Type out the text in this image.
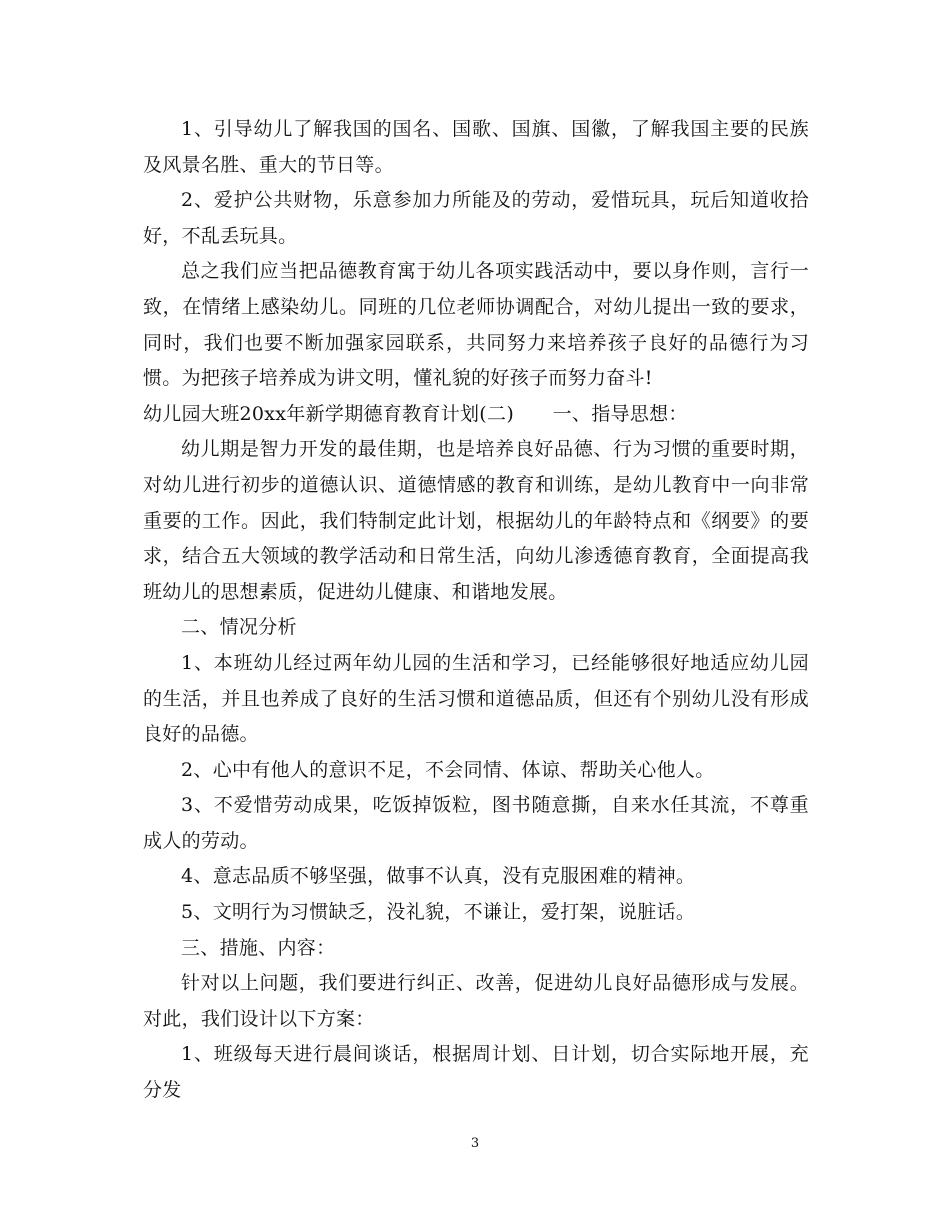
1、引导幼儿了解我国的国名、国歌、国旗、国徽，了解我国主要的民族及风景名胜、重大的节日等。

2、爱护公共财物，乐意参加力所能及的劳动，爱惜玩具，玩后知道收拾好，不乱丢玩具。

总之我们应当把品德教育寓于幼儿各项实践活动中，要以身作则，言行一致，在情绪上感染幼儿。同班的几位老师协调配合，对幼儿提出一致的要求，同时，我们也要不断加强家园联系，共同努力来培养孩子良好的品德行为习惯。为把孩子培养成为讲文明，懂礼貌的好孩子而努力奋斗!

幼儿园大班20xx年新学期德育教育计划(二)　　一、指导思想：

幼儿期是智力开发的最佳期，也是培养良好品德、行为习惯的重要时期，对幼儿进行初步的道德认识、道德情感的教育和训练，是幼儿教育中一向非常重要的工作。因此，我们特制定此计划，根据幼儿的年龄特点和《纲要》的要求，结合五大领域的教学活动和日常生活，向幼儿渗透德育教育，全面提高我班幼儿的思想素质，促进幼儿健康、和谐地发展。

二、情况分析

1、本班幼儿经过两年幼儿园的生活和学习，已经能够很好地适应幼儿园的生活，并且也养成了良好的生活习惯和道德品质，但还有个别幼儿没有形成良好的品德。

2、心中有他人的意识不足，不会同情、体谅、帮助关心他人。

3、不爱惜劳动成果，吃饭掉饭粒，图书随意撕，自来水任其流，不尊重成人的劳动。

4、意志品质不够坚强，做事不认真，没有克服困难的精神。

5、文明行为习惯缺乏，没礼貌，不谦让，爱打架，说脏话。

三、措施、内容：

针对以上问题，我们要进行纠正、改善，促进幼儿良好品德形成与发展。对此，我们设计以下方案：

1、班级每天进行晨间谈话，根据周计划、日计划，切合实际地开展，充分发

3
